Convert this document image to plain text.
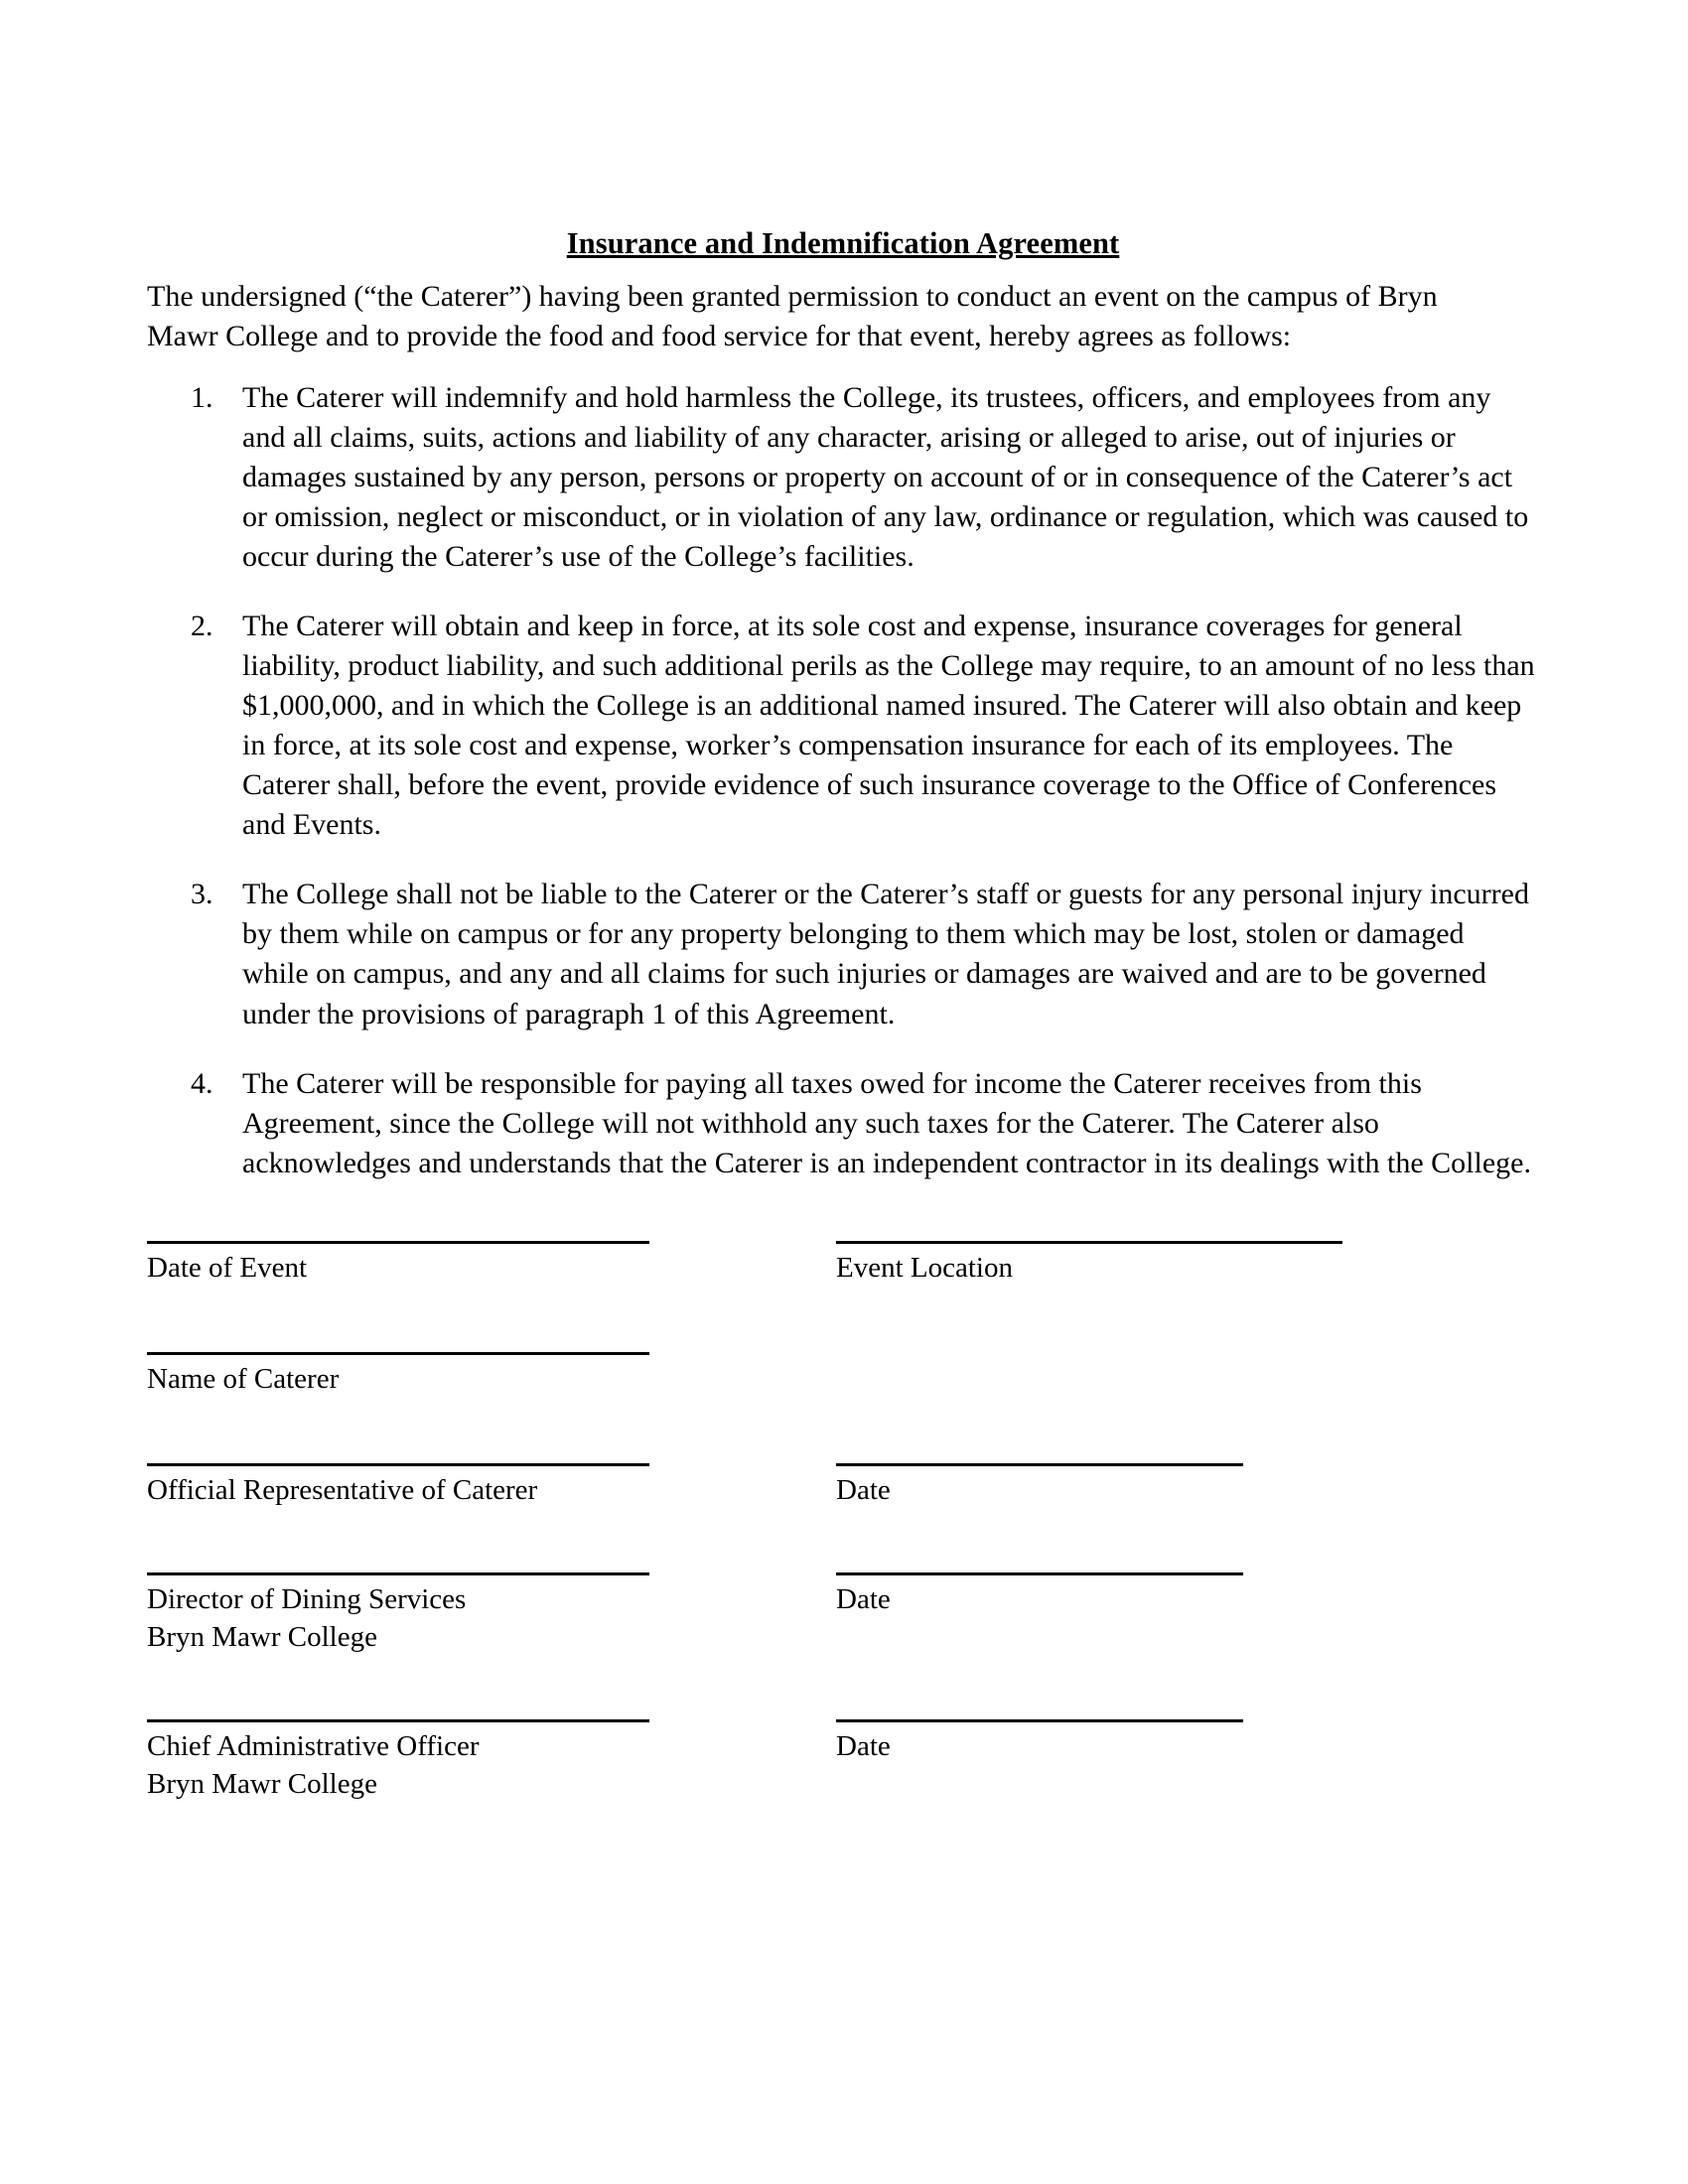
Insurance and Indemnification Agreement

The undersigned (“the Caterer”) having been granted permission to conduct an event on the campus of Bryn Mawr College and to provide the food and food service for that event, hereby agrees as follows:

1. The Caterer will indemnify and hold harmless the College, its trustees, officers, and employees from any and all claims, suits, actions and liability of any character, arising or alleged to arise, out of injuries or damages sustained by any person, persons or property on account of or in consequence of the Caterer’s act or omission, neglect or misconduct, or in violation of any law, ordinance or regulation, which was caused to occur during the Caterer’s use of the College’s facilities.
2. The Caterer will obtain and keep in force, at its sole cost and expense, insurance coverages for general liability, product liability, and such additional perils as the College may require, to an amount of no less than $1,000,000, and in which the College is an additional named insured. The Caterer will also obtain and keep in force, at its sole cost and expense, worker’s compensation insurance for each of its employees. The Caterer shall, before the event, provide evidence of such insurance coverage to the Office of Conferences and Events.
3. The College shall not be liable to the Caterer or the Caterer’s staff or guests for any personal injury incurred by them while on campus or for any property belonging to them which may be lost, stolen or damaged while on campus, and any and all claims for such injuries or damages are waived and are to be governed under the provisions of paragraph 1 of this Agreement.
4. The Caterer will be responsible for paying all taxes owed for income the Caterer receives from this Agreement, since the College will not withhold any such taxes for the Caterer. The Caterer also acknowledges and understands that the Caterer is an independent contractor in its dealings with the College.
Date of Event	Event Location
Name of Caterer
Official Representative of Caterer	Date
Director of Dining Services
Bryn Mawr College
Date
Chief Administrative Officer
Bryn Mawr College
Date
